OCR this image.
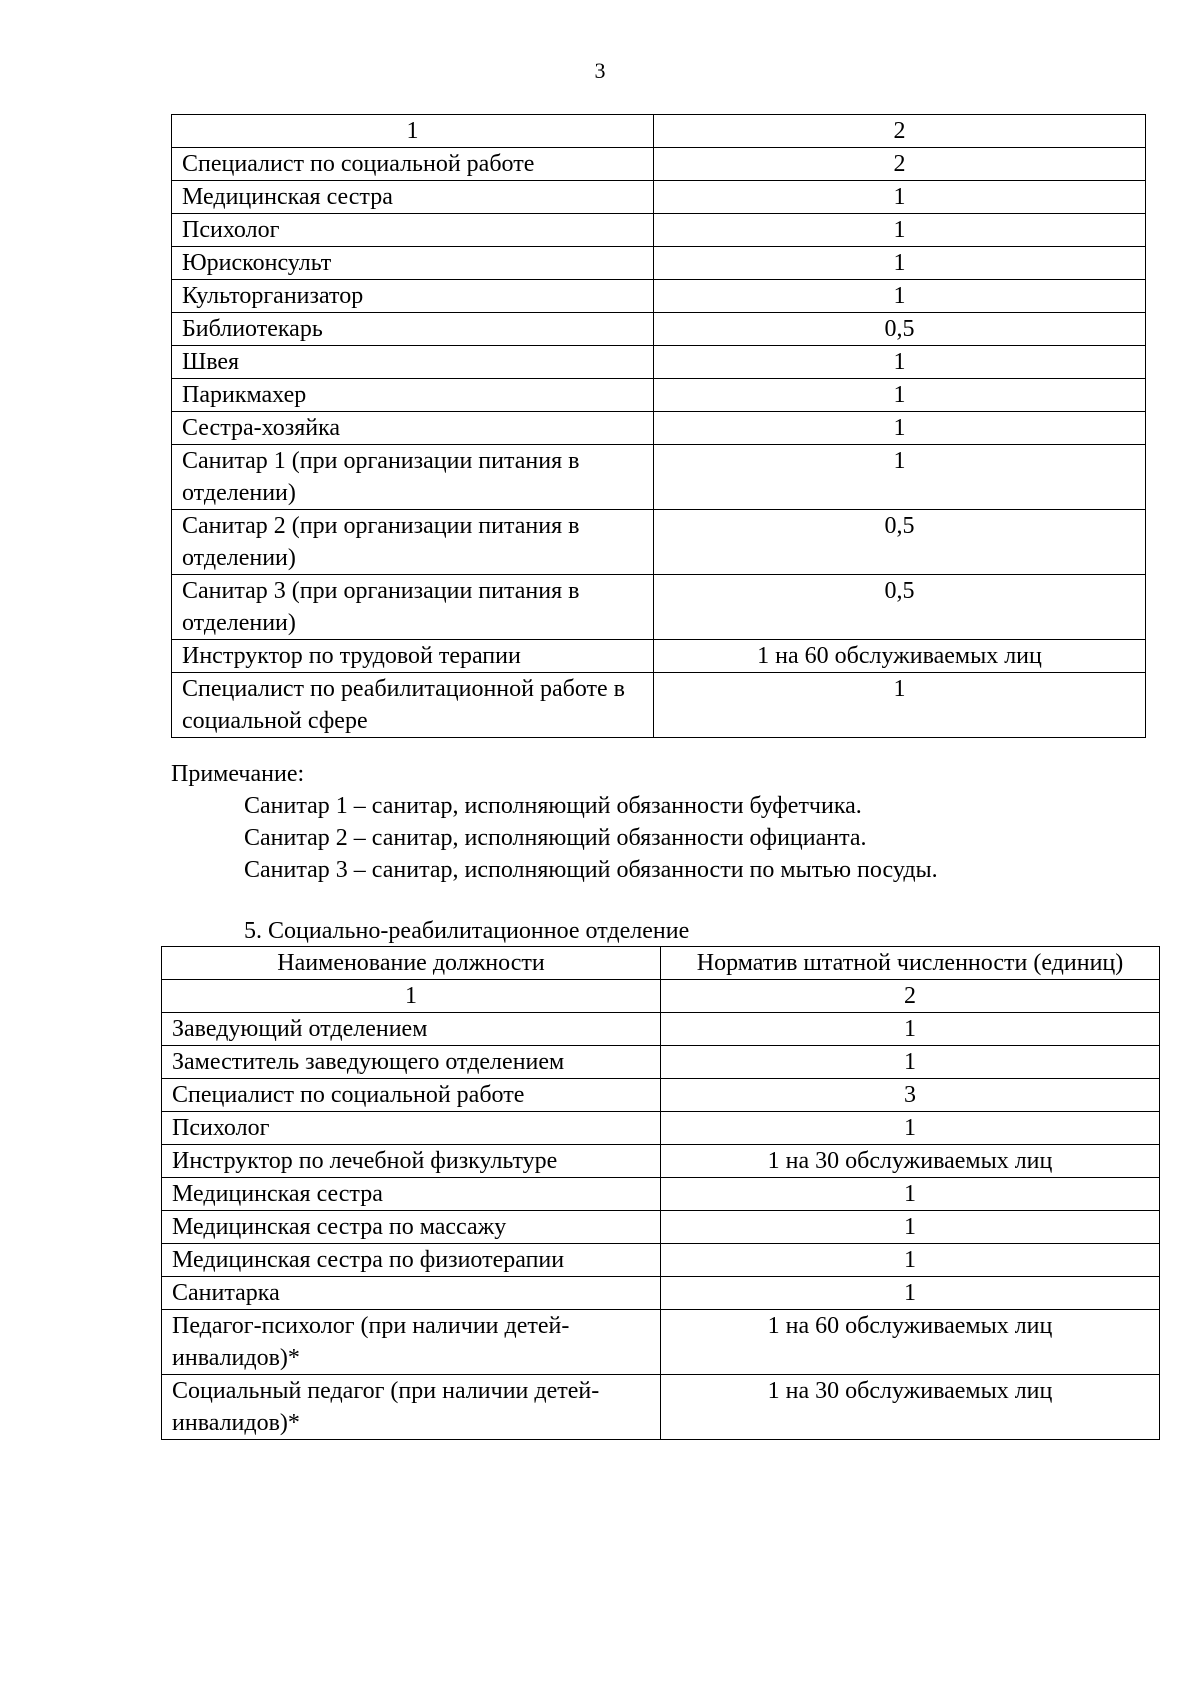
3
1	2
Специалист по социальной работе	2
Медицинская сестра	1
Психолог	1
Юрисконсульт	1
Культорганизатор	1
Библиотекарь	0,5
Швея	1
Парикмахер	1
Сестра-хозяйка	1
Санитар 1 (при организации питания в отделении)	1
Санитар 2 (при организации питания в отделении)	0,5
Санитар 3 (при организации питания в отделении)	0,5
Инструктор по трудовой терапии	1 на 60 обслуживаемых лиц
Специалист по реабилитационной работе в социальной сфере	1
Примечание:
Санитар 1 – санитар, исполняющий обязанности буфетчика.
Санитар 2 – санитар, исполняющий обязанности официанта.
Санитар 3 – санитар, исполняющий обязанности по мытью посуды.
5. Социально-реабилитационное отделение
Наименование должности	Норматив штатной численности (единиц)
1	2
Заведующий отделением	1
Заместитель заведующего отделением	1
Специалист по социальной работе	3
Психолог	1
Инструктор по лечебной физкультуре	1 на 30 обслуживаемых лиц
Медицинская сестра	1
Медицинская сестра по массажу	1
Медицинская сестра по физиотерапии	1
Санитарка	1
Педагог-психолог (при наличии детей-инвалидов)*	1 на 60 обслуживаемых лиц
Социальный педагог (при наличии детей-инвалидов)*	1 на 30 обслуживаемых лиц
